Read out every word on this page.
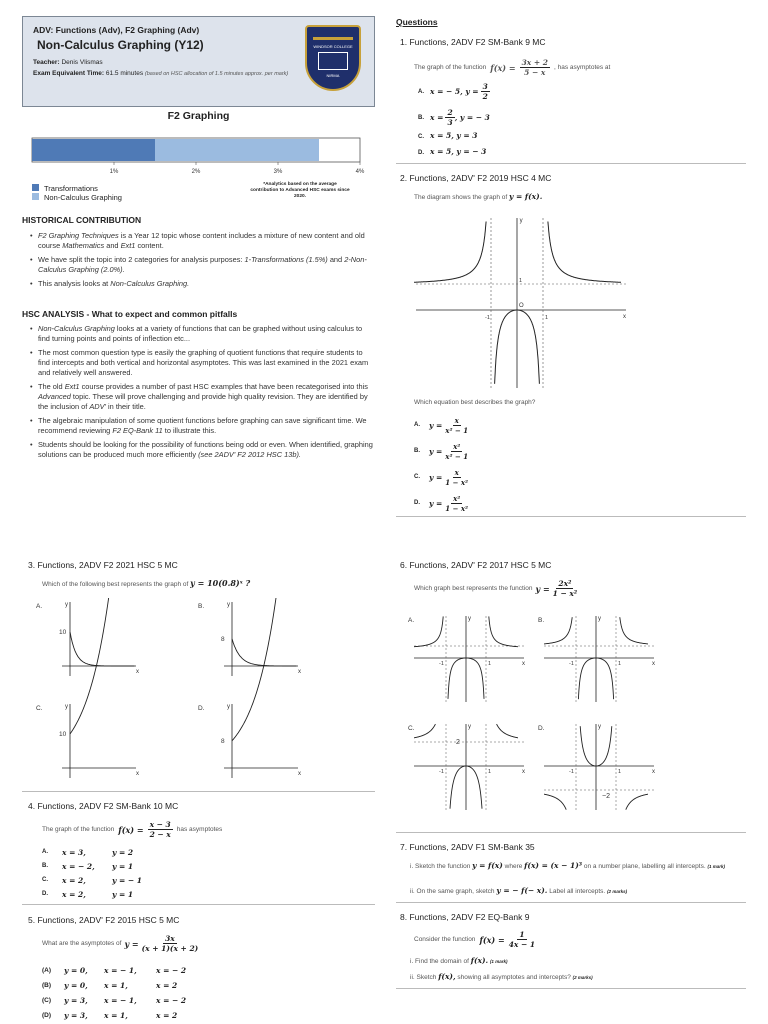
ADV: Functions (Adv), F2 Graphing (Adv)
Non-Calculus Graphing (Y12)
Teacher: Denis Vlismas
Exam Equivalent Time: 61.5 minutes (based on HSC allocation of 1.5 minutes approx. per mark)
WINDSOR COLLEGE
NIRMA
F2 Graphing
1%	2%	3%	4%
Transformations
Non-Calculus Graphing
*Analytics based on the average contribution to Advanced HSC exams since 2020.
HISTORICAL CONTRIBUTION
• F2 Graphing Techniques is a Year 12 topic whose content includes a mixture of new content and old course Mathematics and Ext1 content.
• We have split the topic into 2 categories for analysis purposes: 1-Transformations (1.5%) and 2-Non-Calculus Graphing (2.0%).
• This analysis looks at Non-Calculus Graphing.
HSC ANALYSIS - What to expect and common pitfalls
• Non-Calculus Graphing looks at a variety of functions that can be graphed without using calculus to find turning points and points of inflection etc...
• The most common question type is easily the graphing of quotient functions that require students to find intercepts and both vertical and horizontal asymptotes. This was last examined in the 2021 exam and relatively well answered.
• The old Ext1 course provides a number of past HSC examples that have been recategorised into this Advanced topic. These will prove challenging and provide high quality revision. They are identified by the inclusion of ADV' in their title.
• The algebraic manipulation of some quotient functions before graphing can save significant time. We recommend reviewing F2 EQ-Bank 11 to illustrate this.
• Students should be looking for the possibility of functions being odd or even. When identified, graphing solutions can be produced much more efficiently (see 2ADV' F2 2012 HSC 13b).
Questions
1. Functions, 2ADV F2 SM-Bank 9 MC
The graph of the function $f(x) = \frac{3x + 2}{5 - x}$ , has asymptotes at
A. x = − 5, y =
$\frac{3}{2}$
B. x =
$\frac{2}{3}$ , y = − 3
C. x = 5, y = 3
D. x = 5, y = − 3
2. Functions, 2ADV' F2 2019 HSC 4 MC
The diagram shows the graph of y = f(x).
y
x
O
1
-1	1
Which equation best describes the graph?
A. $y = \frac{x}{\text{x² − 1}}$
B. $y = \frac{\text{x²}}{\text{x² − 1}}$
C. $y = \frac{x}{\text{1 − x²}}$
D. $y = \frac{\text{x²}}{\text{1 − x²}}$
3. Functions, 2ADV F2 2021 HSC 5 MC
Which of the following best represents the graph of y = 10(0.8)ˣ ?
A.	y
x
10
B.	y
x
8
C.	y
x
10
D.	y
x
8
4. Functions, 2ADV F2 SM-Bank 10 MC
The graph of the function $f(x) = \frac{x - 3}{2 - x}$ has asymptotes
A.	x = 3,	y = 2
B.	x = − 2,	y = 1
C.	x = 2,	y = − 1
D.	x = 2,	y = 1
5. Functions, 2ADV' F2 2015 HSC 5 MC
What are the asymptotes of $y = \frac{3x}{(x + 1)(x + 2)}$
(A)	y = 0,	x = − 1,	x = − 2
(B)	y = 0,	x = 1,	x = 2
(C)	y = 3,	x = − 1,	x = − 2
(D)	y = 3,	x = 1,	x = 2
6. Functions, 2ADV' F2 2017 HSC 5 MC
Which graph best represents the function $y = \frac{\text{2x²}}{\text{1 − x²}}$
A.	y
x
-1	1
B.	y
x
-1	1
C.	y
x
-1	1
2
D.	y
x
-1	1
−2
7. Functions, 2ADV F1 SM-Bank 35
i. Sketch the function y = f(x) where f(x) = (x − 1)³ on a number plane, labelling all intercepts. (1 mark)
ii. On the same graph, sketch y = − f(− x). Label all intercepts. (2 marks)
8. Functions, 2ADV F2 EQ-Bank 9
Consider the function $f(x) = \frac{1}{4x - 1}$
i. Find the domain of f(x). (1 mark)
ii. Sketch f(x), showing all asymptotes and intercepts? (2 marks)
